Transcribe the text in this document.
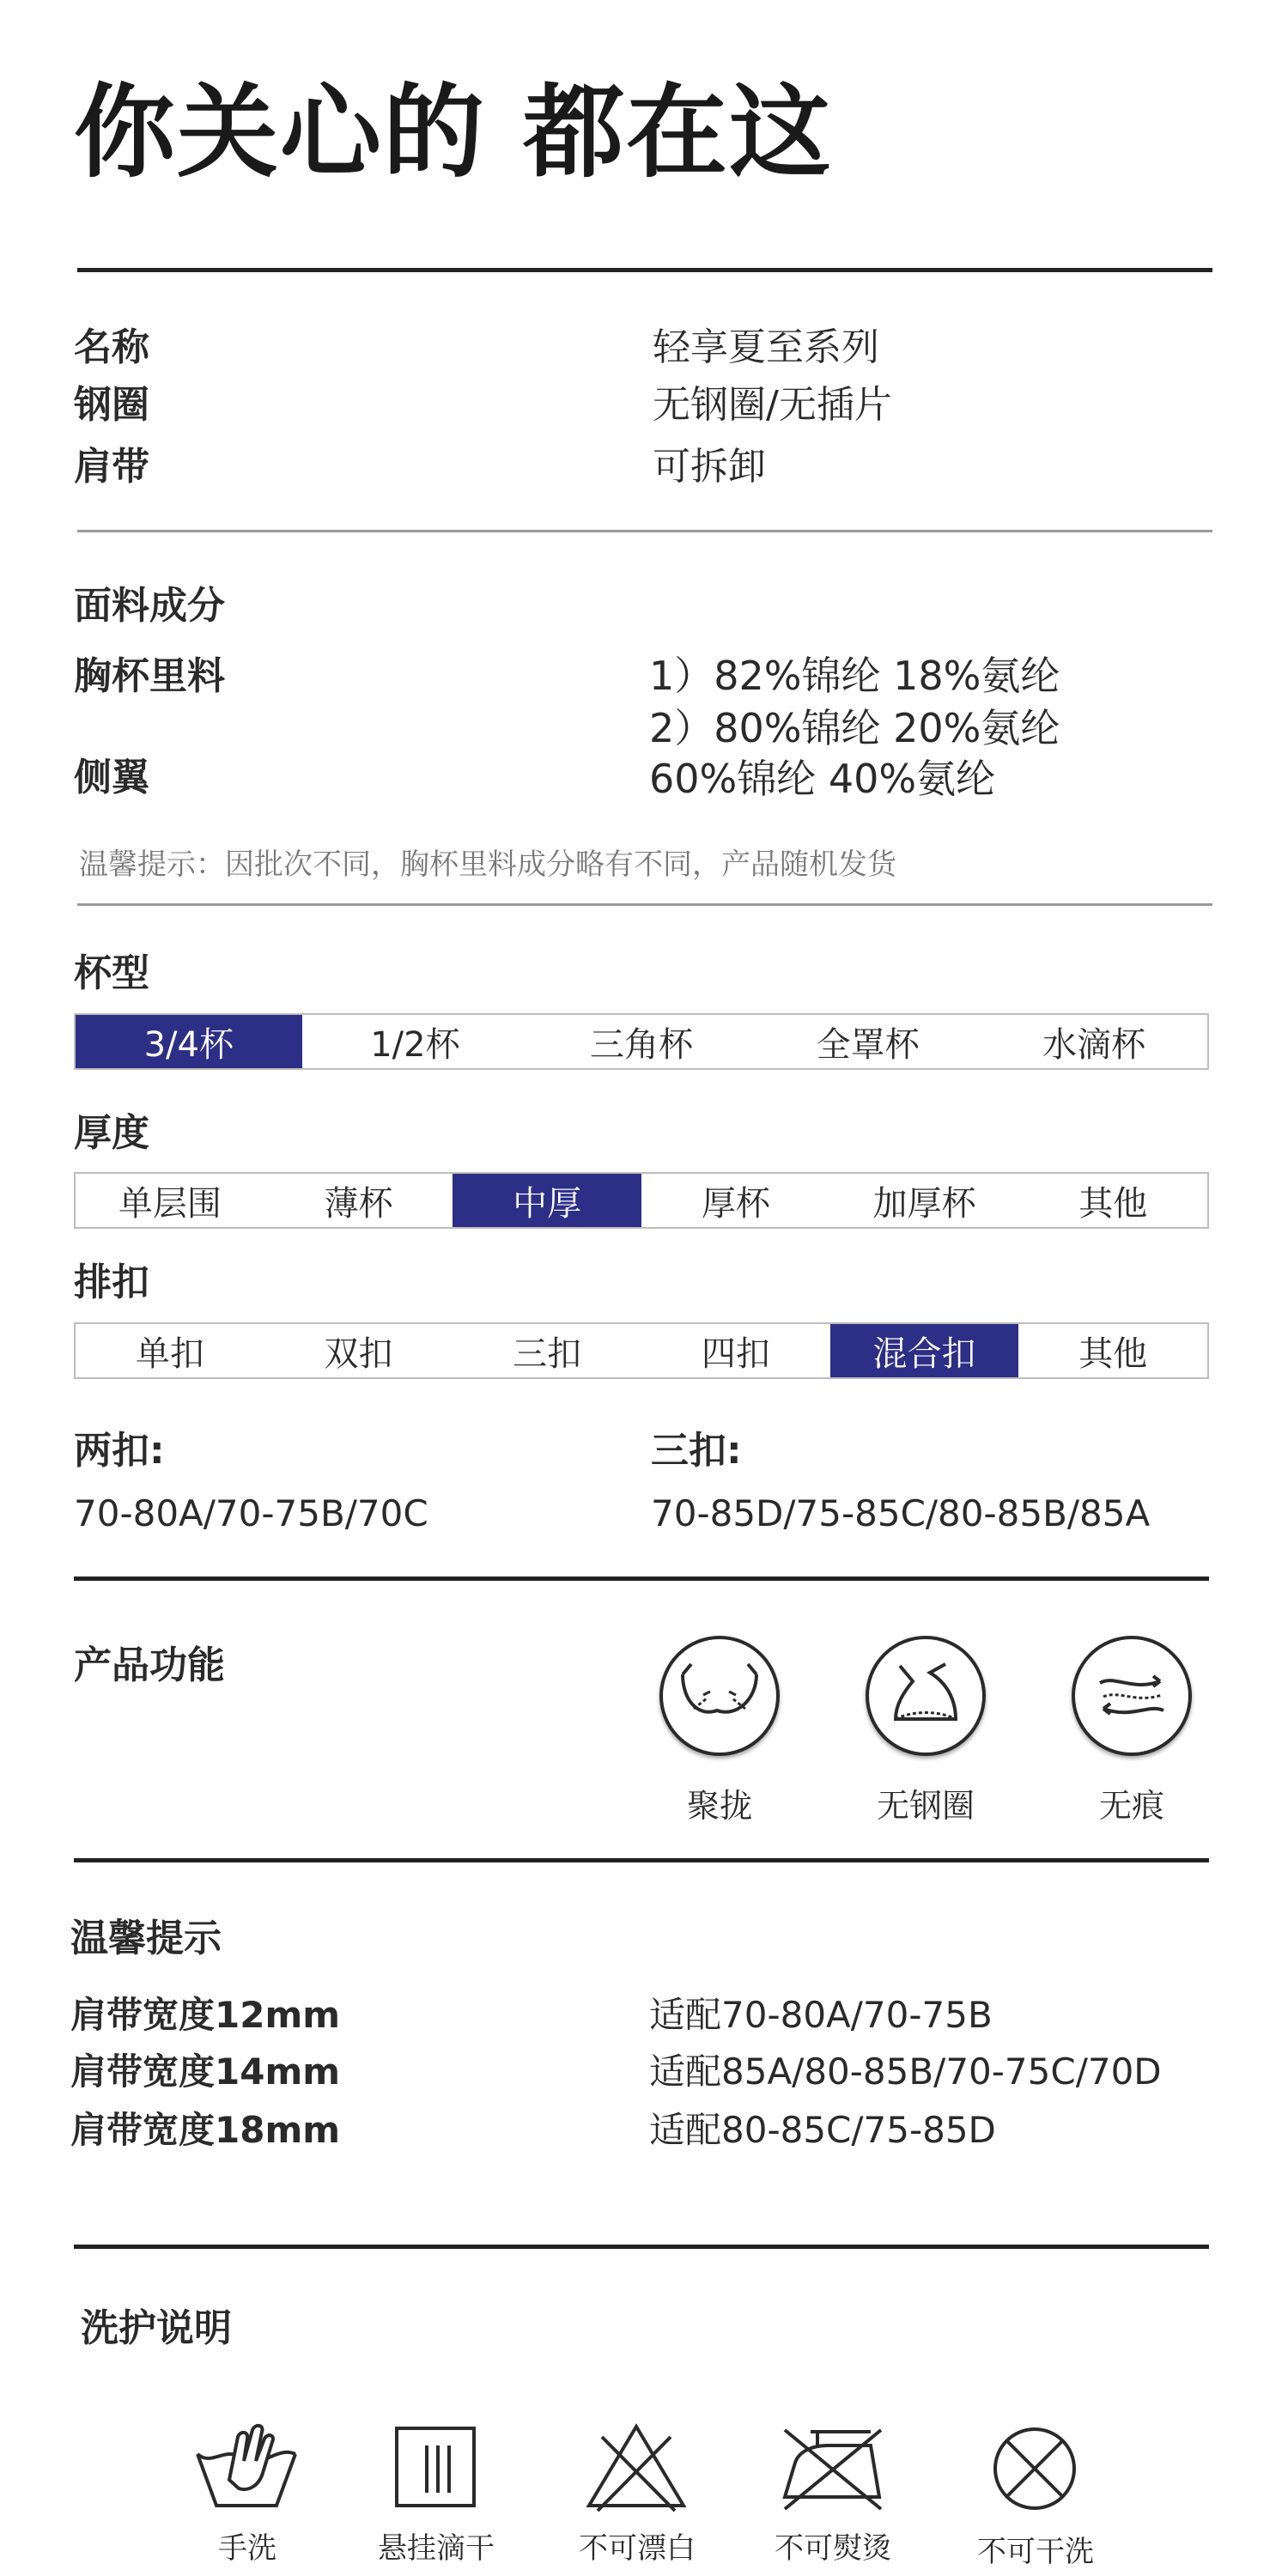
你关心的 都在这
名称	轻享夏至系列
钢圈	无钢圈/无插片
肩带	可拆卸
面料成分
胸杯里料	1）82%锦纶 18%氨纶
2）80%锦纶 20%氨纶
侧翼	60%锦纶 40%氨纶
温馨提示：因批次不同，胸杯里料成分略有不同，产品随机发货
杯型
3/4杯	1/2杯	三角杯	全罩杯	水滴杯
厚度
单层围	薄杯	中厚	厚杯	加厚杯	其他
排扣
单扣	双扣	三扣	四扣	混合扣	其他
两扣:
70-80A/70-75B/70C
三扣:
70-85D/75-85C/80-85B/85A
产品功能
聚拢	无钢圈	无痕
温馨提示
肩带宽度12mm	适配70-80A/70-75B
肩带宽度14mm	适配85A/80-85B/70-75C/70D
肩带宽度18mm	适配80-85C/75-85D
洗护说明
手洗	悬挂滴干	不可漂白	不可熨烫	不可干洗
